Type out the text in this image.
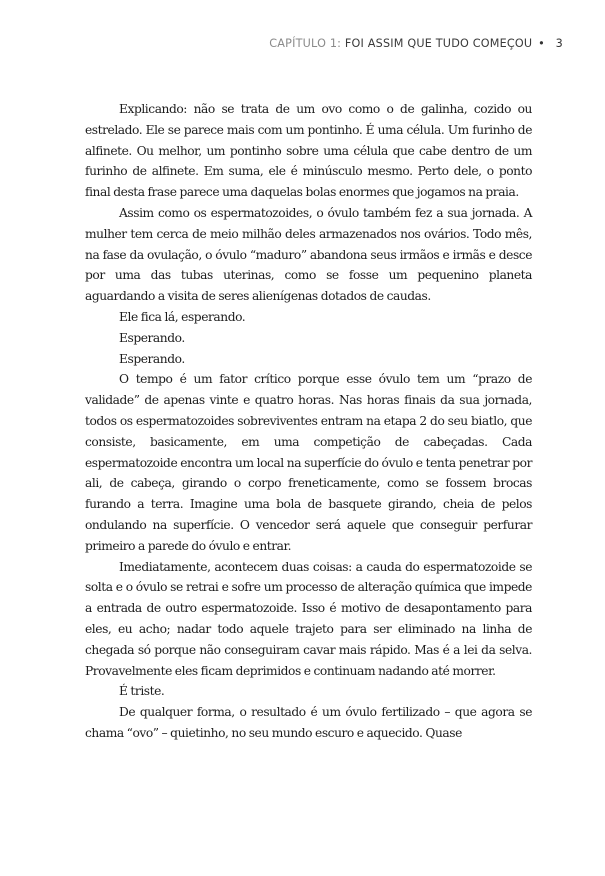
CAPÍTULO 1: FOI ASSIM QUE TUDO COMEÇOU • 3

Explicando: não se trata de um ovo como o de galinha, cozido ou estrelado. Ele se parece mais com um pontinho. É uma célula. Um furinho de alfinete. Ou melhor, um pontinho sobre uma célula que cabe dentro de um furinho de alfinete. Em suma, ele é minúsculo mesmo. Perto dele, o ponto final desta frase parece uma daquelas bolas enormes que jogamos na praia.

Assim como os espermatozoides, o óvulo também fez a sua jornada. A mulher tem cerca de meio milhão deles armazenados nos ovários. Todo mês, na fase da ovulação, o óvulo “maduro” abandona seus irmãos e irmãs e desce por uma das tubas uterinas, como se fosse um pequenino planeta aguardando a visita de seres alienígenas dotados de caudas.

Ele fica lá, esperando.

Esperando.

Esperando.

O tempo é um fator crítico porque esse óvulo tem um “prazo de validade” de apenas vinte e quatro horas. Nas horas finais da sua jornada, todos os espermatozoides sobreviventes entram na etapa 2 do seu biatlo, que consiste, basicamente, em uma competição de cabeçadas. Cada espermatozoide encontra um local na superfície do óvulo e tenta penetrar por ali, de cabeça, girando o corpo freneticamente, como se fossem brocas furando a terra. Imagine uma bola de basquete girando, cheia de pelos ondulando na superfície. O vencedor será aquele que conseguir perfurar primeiro a parede do óvulo e entrar.

Imediatamente, acontecem duas coisas: a cauda do espermatozoide se solta e o óvulo se retrai e sofre um processo de alteração química que impede a entrada de outro espermatozoide. Isso é motivo de desapontamento para eles, eu acho; nadar todo aquele trajeto para ser eliminado na linha de chegada só porque não conseguiram cavar mais rápido. Mas é a lei da selva. Provavelmente eles ficam deprimidos e continuam nadando até morrer.

É triste.

De qualquer forma, o resultado é um óvulo fertilizado – que agora se chama “ovo” – quietinho, no seu mundo escuro e aquecido. Quase
